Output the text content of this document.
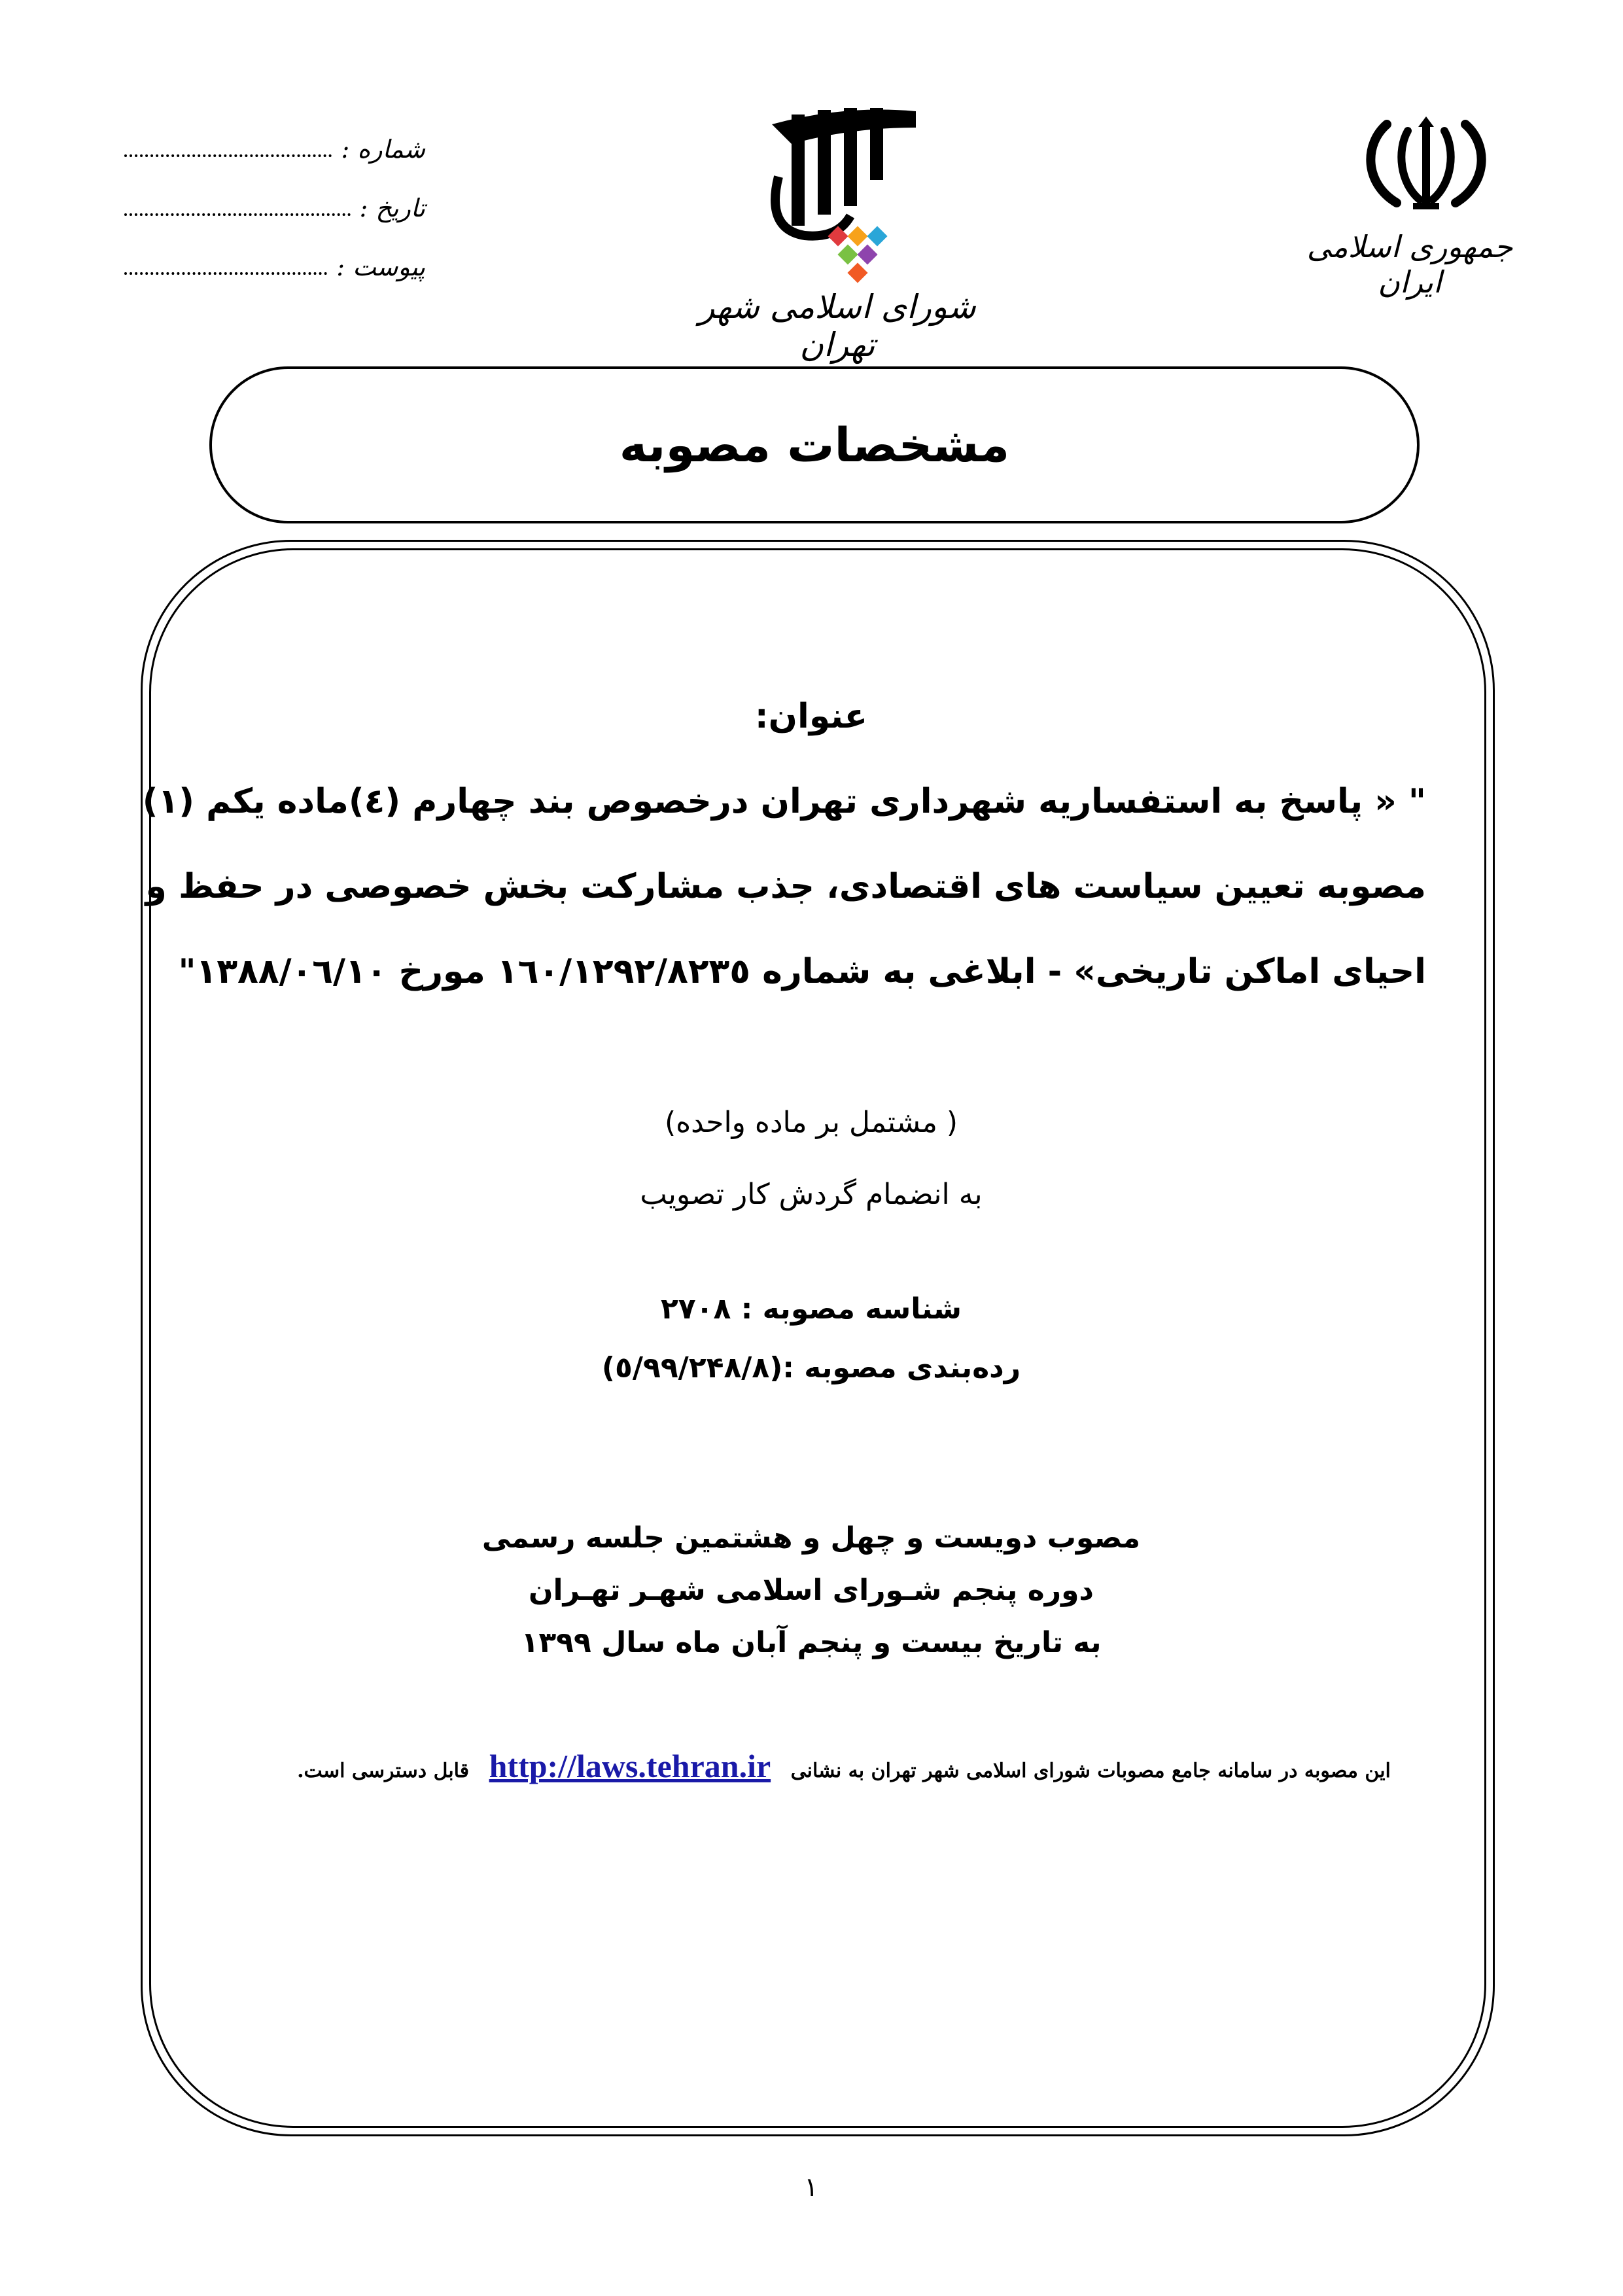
جمهوری اسلامی ایران
شورای اسلامی شهر تهران
شماره :
تاریخ :
پیوست :
مشخصات مصوبه
عنوان:
" « پاسخ به استفساریه شهرداری تهران درخصوص بند چهارم (٤)ماده یکم (١)
مصوبه تعیین سیاست های اقتصادی، جذب مشارکت بخش خصوصی در حفظ و
احیای اماکن تاریخی» - ابلاغی به شماره ١٦٠/١٢٩٢/٨٢٣٥ مورخ ١٣٨٨/٠٦/١٠"
( مشتمل بر ماده واحده)
به انضمام گردش کار تصویب
شناسه مصوبه : ٢٧٠٨
رده‌بندی مصوبه :(٥/٩٩/٢۴٨/٨)
مصوب دویست و چهل و هشتمین جلسه رسمی
دوره پنجم شـورای اسلامی شهـر تهـران
به تاریخ بیست و پنجم آبان ماه سال ١٣٩٩
این مصوبه در سامانه جامع مصوبات شورای اسلامی شهر تهران به نشانی http://laws.tehran.ir قابل دسترسی است.
١
